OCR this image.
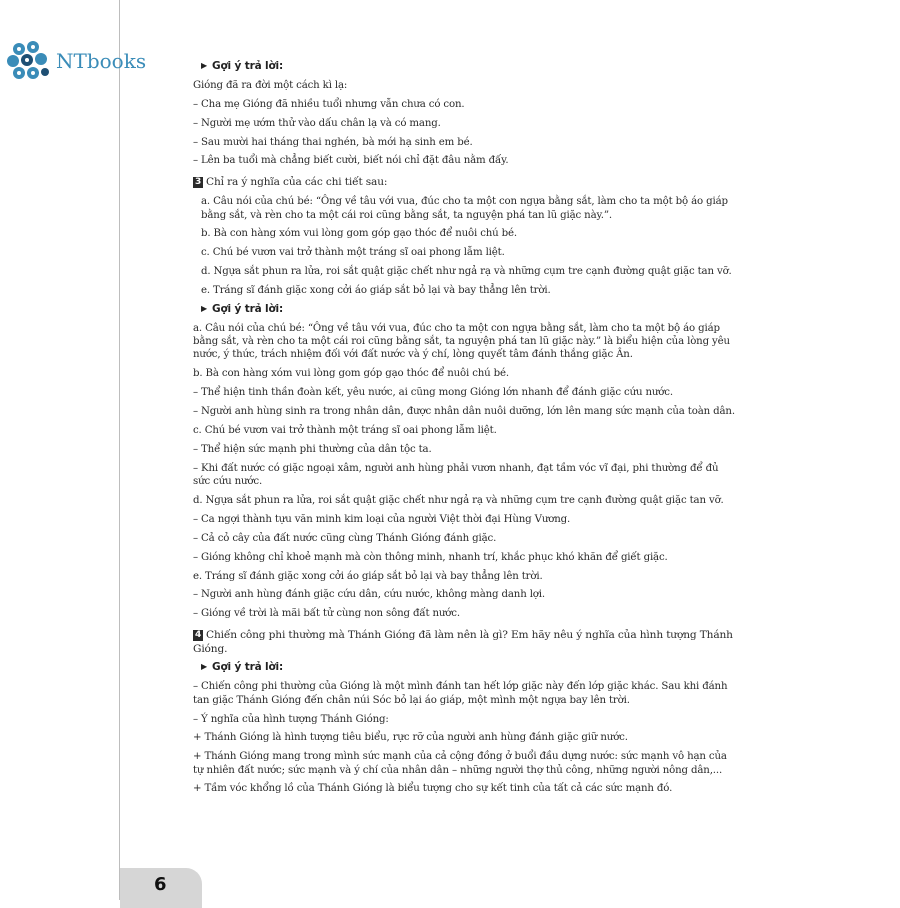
NTbooks	▶ Gợi ý trả lời:

Gióng đã ra đời một cách kì lạ:

– Cha mẹ Gióng đã nhiều tuổi nhưng vẫn chưa có con.

– Người mẹ ướm thử vào dấu chân lạ và có mang.

– Sau mười hai tháng thai nghén, bà mới hạ sinh em bé.

– Lên ba tuổi mà chẳng biết cười, biết nói chỉ đặt đâu nằm đấy.

3 Chỉ ra ý nghĩa của các chi tiết sau:

a. Câu nói của chú bé: “Ông về tâu với vua, đúc cho ta một con ngựa bằng sắt, làm cho ta một bộ áo giáp bằng sắt, và rèn cho ta một cái roi cũng bằng sắt, ta nguyện phá tan lũ giặc này.”.

b. Bà con hàng xóm vui lòng gom góp gạo thóc để nuôi chú bé.

c. Chú bé vươn vai trở thành một tráng sĩ oai phong lẫm liệt.

d. Ngựa sắt phun ra lửa, roi sắt quật giặc chết như ngả rạ và những cụm tre cạnh đường quật giặc tan vỡ.

e. Tráng sĩ đánh giặc xong cởi áo giáp sắt bỏ lại và bay thẳng lên trời.

▶ Gợi ý trả lời:

a. Câu nói của chú bé: “Ông về tâu với vua, đúc cho ta một con ngựa bằng sắt, làm cho ta một bộ áo giáp bằng sắt, và rèn cho ta một cái roi cũng bằng sắt, ta nguyện phá tan lũ giặc này.” là biểu hiện của lòng yêu nước, ý thức, trách nhiệm đối với đất nước và ý chí, lòng quyết tâm đánh thắng giặc Ân.

b. Bà con hàng xóm vui lòng gom góp gạo thóc để nuôi chú bé.

– Thể hiện tinh thần đoàn kết, yêu nước, ai cũng mong Gióng lớn nhanh để đánh giặc cứu nước.

– Người anh hùng sinh ra trong nhân dân, được nhân dân nuôi dưỡng, lớn lên mang sức mạnh của toàn dân.

c. Chú bé vươn vai trở thành một tráng sĩ oai phong lẫm liệt.

– Thể hiện sức mạnh phi thường của dân tộc ta.

– Khi đất nước có giặc ngoại xâm, người anh hùng phải vươn nhanh, đạt tầm vóc vĩ đại, phi thường để đủ sức cứu nước.

d. Ngựa sắt phun ra lửa, roi sắt quật giặc chết như ngả rạ và những cụm tre cạnh đường quật giặc tan vỡ.

– Ca ngợi thành tựu văn minh kim loại của người Việt thời đại Hùng Vương.

– Cả cỏ cây của đất nước cũng cùng Thánh Gióng đánh giặc.

– Gióng không chỉ khoẻ mạnh mà còn thông minh, nhanh trí, khắc phục khó khăn để giết giặc.

e. Tráng sĩ đánh giặc xong cởi áo giáp sắt bỏ lại và bay thẳng lên trời.

– Người anh hùng đánh giặc cứu dân, cứu nước, không màng danh lợi.

– Gióng về trời là mãi bất tử cùng non sông đất nước.

4 Chiến công phi thường mà Thánh Gióng đã làm nên là gì? Em hãy nêu ý nghĩa của hình tượng Thánh Gióng.

▶ Gợi ý trả lời:

– Chiến công phi thường của Gióng là một mình đánh tan hết lớp giặc này đến lớp giặc khác. Sau khi đánh tan giặc Thánh Gióng đến chân núi Sóc bỏ lại áo giáp, một mình một ngựa bay lên trời.

– Ý nghĩa của hình tượng Thánh Gióng:

+ Thánh Gióng là hình tượng tiêu biểu, rực rỡ của người anh hùng đánh giặc giữ nước.

+ Thánh Gióng mang trong mình sức mạnh của cả cộng đồng ở buổi đầu dựng nước: sức mạnh vô hạn của tự nhiên đất nước; sức mạnh và ý chí của nhân dân – những người thợ thủ công, những người nông dân,...

+ Tầm vóc khổng lồ của Thánh Gióng là biểu tượng cho sự kết tinh của tất cả các sức mạnh đó.

6
